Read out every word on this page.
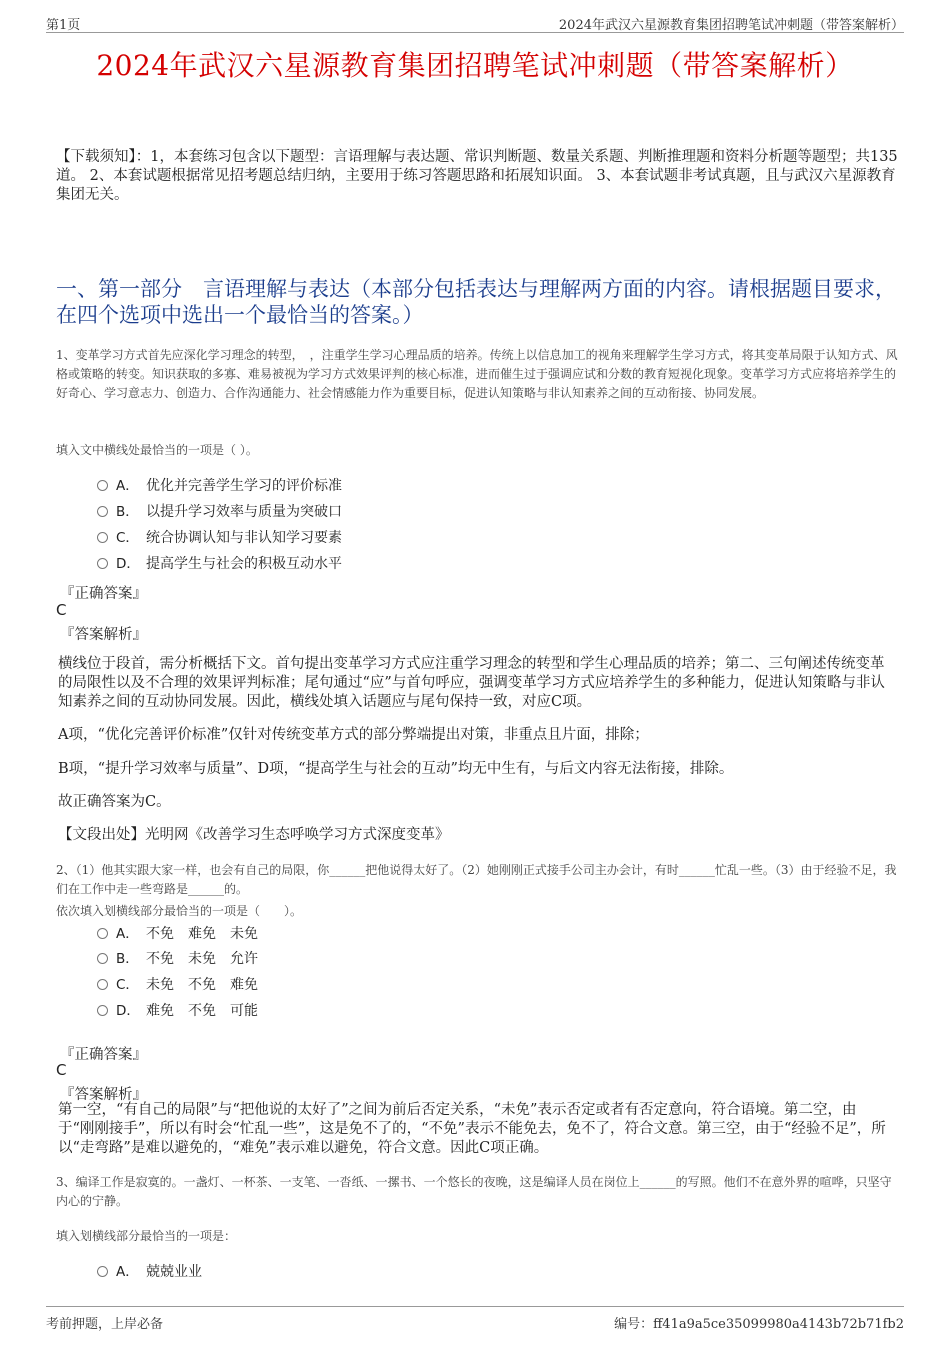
第1页	2024年武汉六星源教育集团招聘笔试冲刺题（带答案解析）
2024年武汉六星源教育集团招聘笔试冲刺题（带答案解析）
【下载须知】：1，本套练习包含以下题型：言语理解与表达题、常识判断题、数量关系题、判断推理题和资料分析题等题型；共135道。 2、本套试题根据常见招考题总结归纳，主要用于练习答题思路和拓展知识面。 3、本套试题非考试真题，且与武汉六星源教育集团无关。
一、第一部分　言语理解与表达（本部分包括表达与理解两方面的内容。请根据题目要求，在四个选项中选出一个最恰当的答案。）
1、变革学习方式首先应深化学习理念的转型，　，注重学生学习心理品质的培养。传统上以信息加工的视角来理解学生学习方式，将其变革局限于认知方式、风格或策略的转变。知识获取的多寡、难易被视为学习方式效果评判的核心标准，进而催生过于强调应试和分数的教育短视化现象。变革学习方式应将培养学生的好奇心、学习意志力、创造力、合作沟通能力、社会情感能力作为重要目标，促进认知策略与非认知素养之间的互动衔接、协同发展。
填入文中横线处最恰当的一项是（ ）。
A． 优化并完善学生学习的评价标准
B． 以提升学习效率与质量为突破口
C． 统合协调认知与非认知学习要素
D． 提高学生与社会的积极互动水平
『正确答案』
C
『答案解析』
横线位于段首，需分析概括下文。首句提出变革学习方式应注重学习理念的转型和学生心理品质的培养；第二、三句阐述传统变革的局限性以及不合理的效果评判标准；尾句通过“应”与首句呼应，强调变革学习方式应培养学生的多种能力，促进认知策略与非认知素养之间的互动协同发展。因此，横线处填入话题应与尾句保持一致，对应C项。
A项，“优化完善评价标准”仅针对传统变革方式的部分弊端提出对策，非重点且片面，排除；
B项，“提升学习效率与质量”、D项，“提高学生与社会的互动”均无中生有，与后文内容无法衔接，排除。
故正确答案为C。
【文段出处】光明网《改善学习生态呼唤学习方式深度变革》
2、（1）他其实跟大家一样，也会有自己的局限，你______把他说得太好了。（2）她刚刚正式接手公司主办会计，有时______忙乱一些。（3）由于经验不足，我们在工作中走一些弯路是______的。
依次填入划横线部分最恰当的一项是（　　）。
A． 不免　难免　未免
B． 不免　未免　允许
C． 未免　不免　难免
D． 难免　不免　可能
『正确答案』
C
『答案解析』
第一空，“有自己的局限”与“把他说的太好了”之间为前后否定关系，“未免”表示否定或者有否定意向，符合语境。第二空，由于“刚刚接手”，所以有时会“忙乱一些”，这是免不了的，“不免”表示不能免去，免不了，符合文意。第三空，由于“经验不足”，所以“走弯路”是难以避免的，“难免”表示难以避免，符合文意。因此C项正确。
3、编译工作是寂寞的。一盏灯、一杯茶、一支笔、一沓纸、一摞书、一个悠长的夜晚，这是编译人员在岗位上______的写照。他们不在意外界的喧哗，只坚守内心的宁静。
填入划横线部分最恰当的一项是：
A． 兢兢业业
考前押题，上岸必备	编号：ff41a9a5ce35099980a4143b72b71fb2
